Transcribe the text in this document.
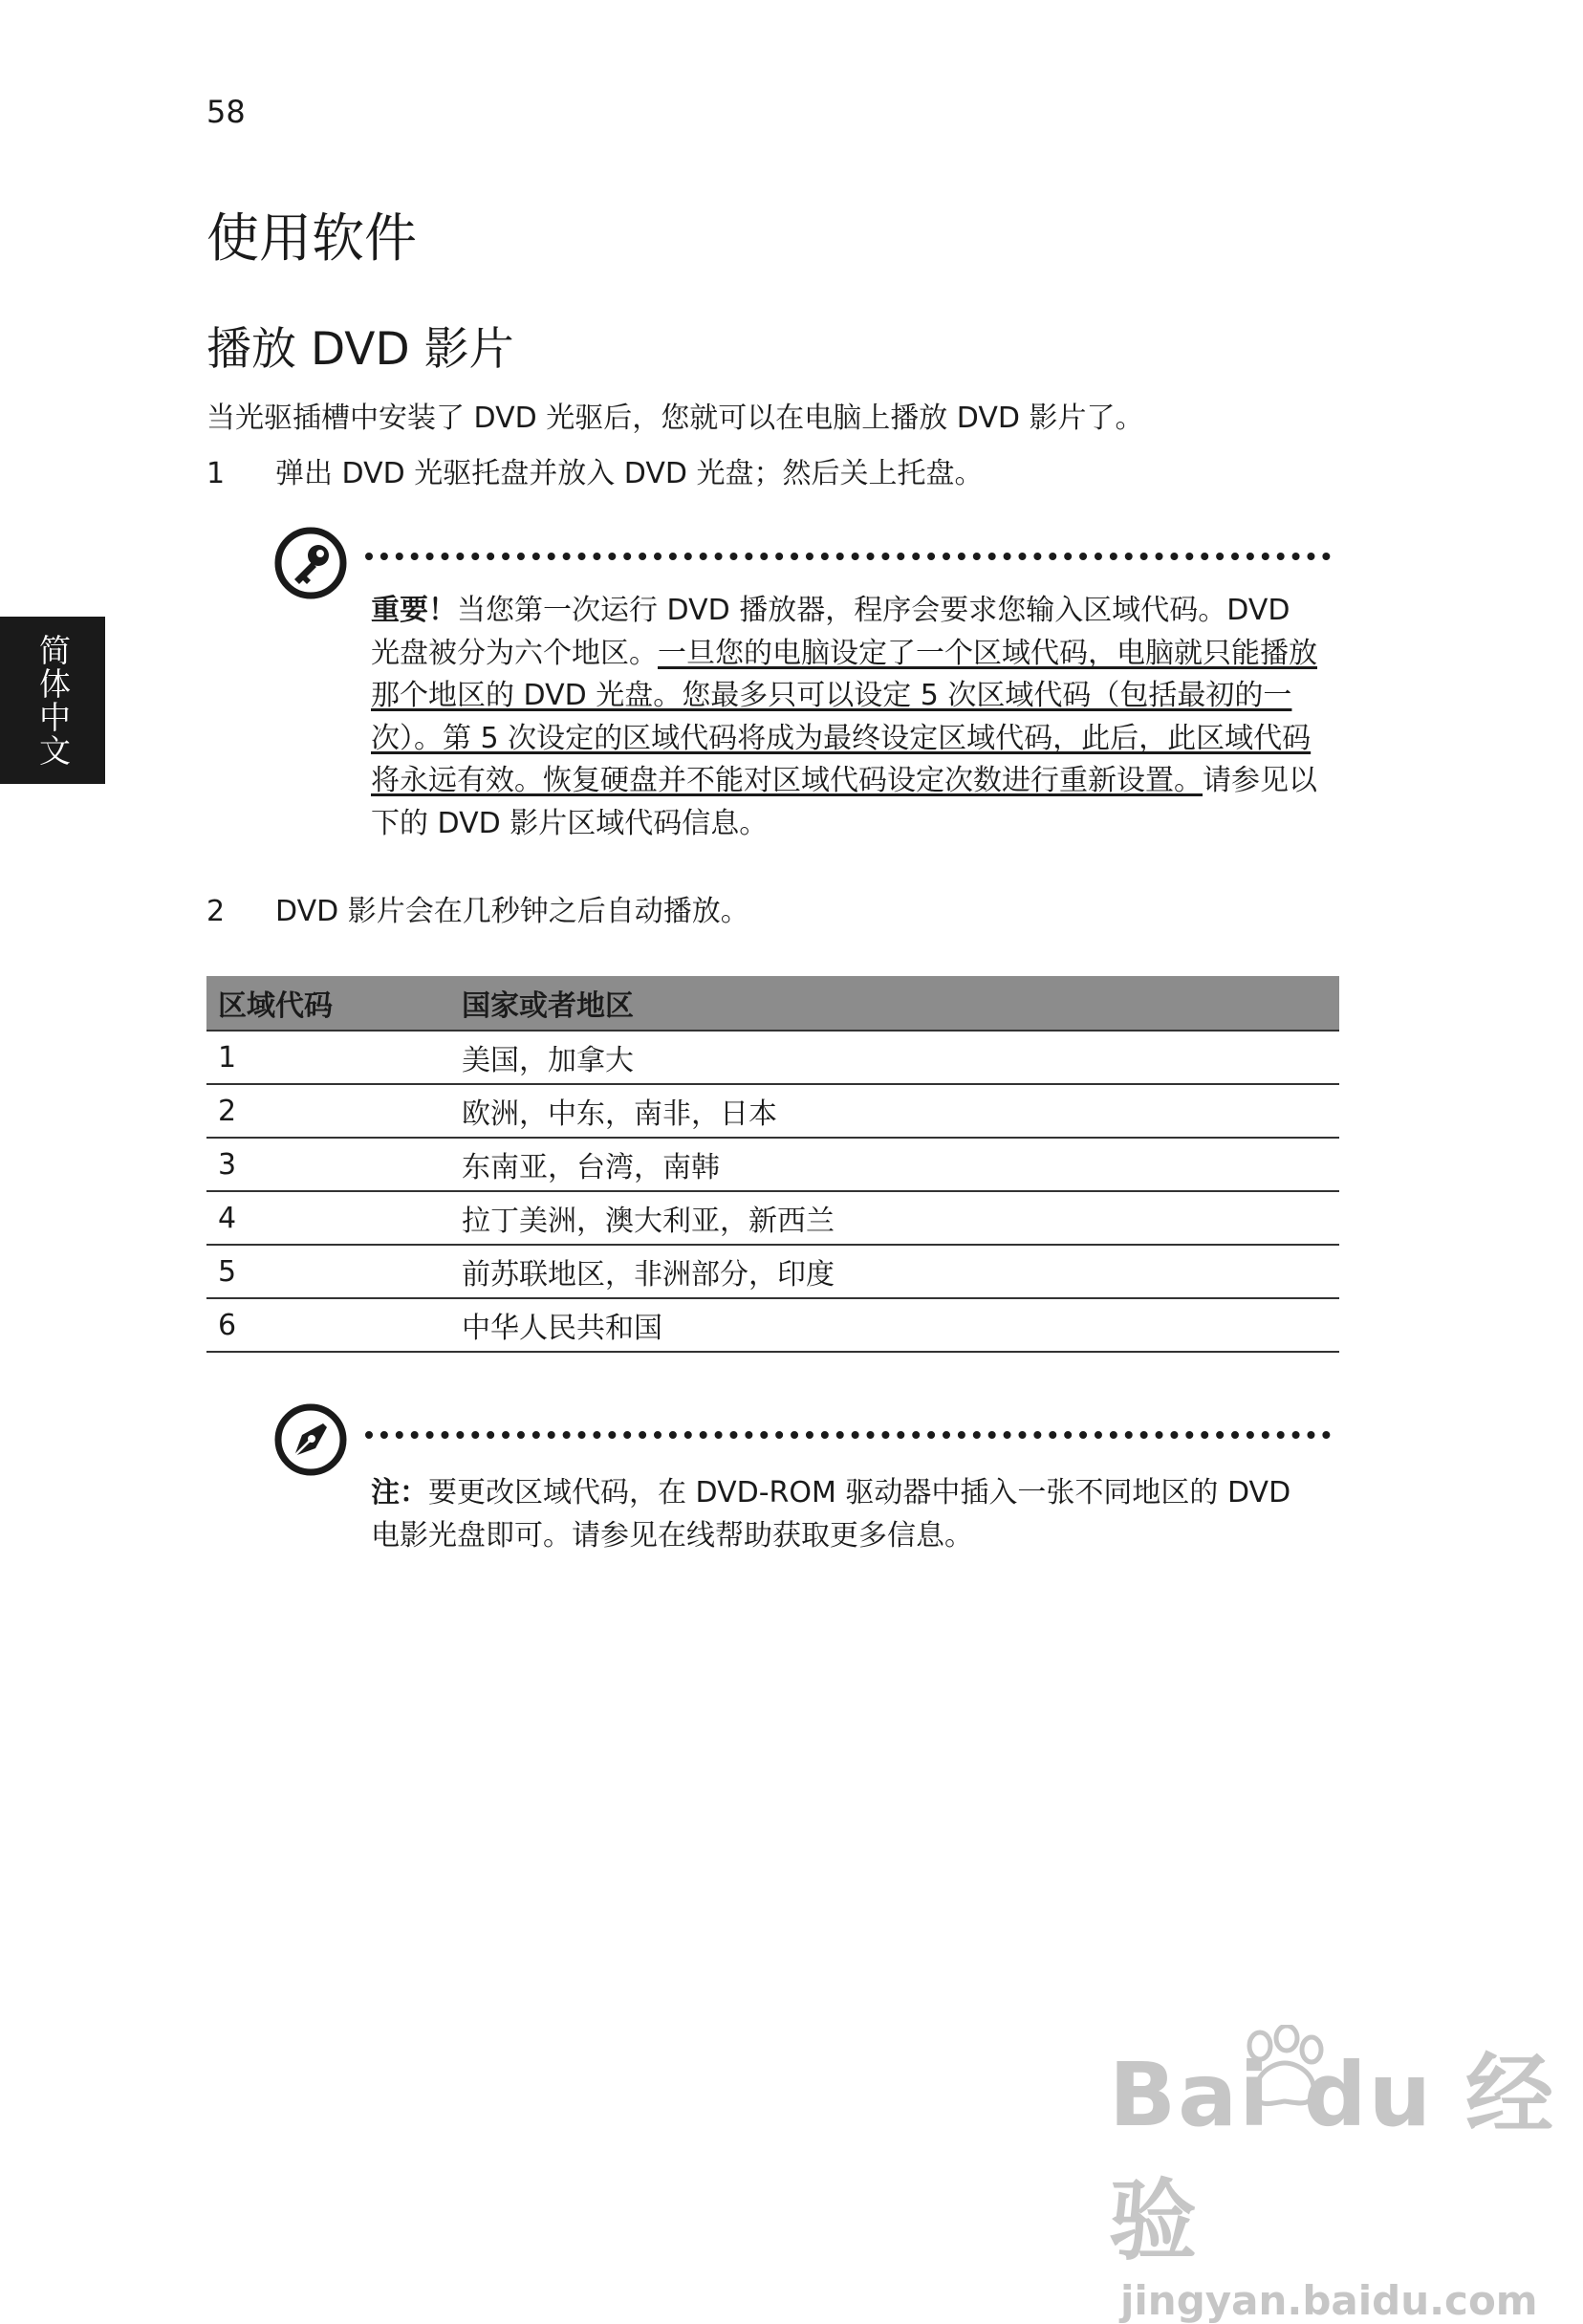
58
简体中文
使用软件
播放 DVD 影片
当光驱插槽中安装了 DVD 光驱后，您就可以在电脑上播放 DVD 影片了。
1 弹出 DVD 光驱托盘并放入 DVD 光盘；然后关上托盘。
重要！当您第一次运行 DVD 播放器，程序会要求您输入区域代码。DVD 光盘被分为六个地区。一旦您的电脑设定了一个区域代码，电脑就只能播放那个地区的 DVD 光盘。您最多只可以设定 5 次区域代码（包括最初的一次）。第 5 次设定的区域代码将成为最终设定区域代码，此后，此区域代码将永远有效。恢复硬盘并不能对区域代码设定次数进行重新设置。请参见以下的 DVD 影片区域代码信息。
2 DVD 影片会在几秒钟之后自动播放。
区域代码	国家或者地区
1	美国，加拿大
2	欧洲，中东，南非，日本
3	东南亚，台湾，南韩
4	拉丁美洲，澳大利亚，新西兰
5	前苏联地区，非洲部分，印度
6	中华人民共和国
注：要更改区域代码，在 DVD-ROM 驱动器中插入一张不同地区的 DVD 电影光盘即可。请参见在线帮助获取更多信息。
Bai du 经验
jingyan.baidu.com
